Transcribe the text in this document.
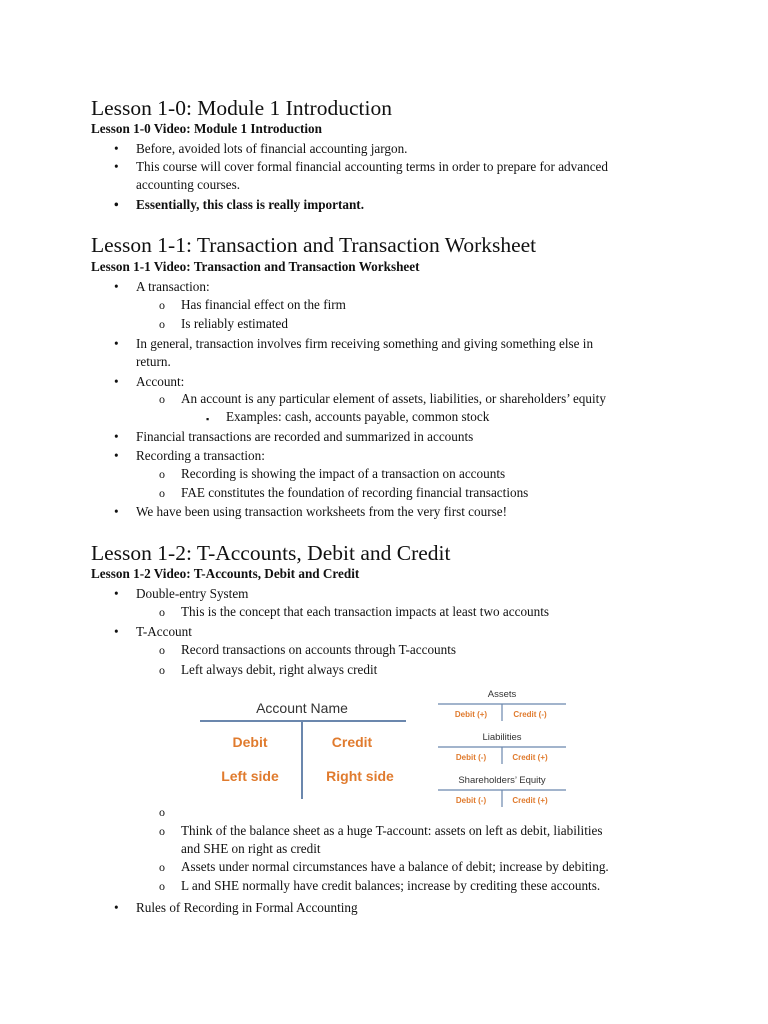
Lesson 1-0: Module 1 Introduction
Lesson 1-0 Video: Module 1 Introduction
• Before, avoided lots of financial accounting jargon.
• This course will cover formal financial accounting terms in order to prepare for advanced
accounting courses.
• Essentially, this class is really important.
Lesson 1-1: Transaction and Transaction Worksheet
Lesson 1-1 Video: Transaction and Transaction Worksheet
• A transaction:
o Has financial effect on the firm
o Is reliably estimated
• In general, transaction involves firm receiving something and giving something else in
return.
• Account:
o An account is any particular element of assets, liabilities, or shareholders’ equity
▪ Examples: cash, accounts payable, common stock
• Financial transactions are recorded and summarized in accounts
• Recording a transaction:
o Recording is showing the impact of a transaction on accounts
o FAE constitutes the foundation of recording financial transactions
• We have been using transaction worksheets from the very first course!
Lesson 1-2: T-Accounts, Debit and Credit
Lesson 1-2 Video: T-Accounts, Debit and Credit
• Double-entry System
o This is the concept that each transaction impacts at least two accounts
• T-Account
o Record transactions on accounts through T-accounts
o Left always debit, right always credit
o
o Think of the balance sheet as a huge T-account: assets on left as debit, liabilities
and SHE on right as credit
o Assets under normal circumstances have a balance of debit; increase by debiting.
o L and SHE normally have credit balances; increase by crediting these accounts.
• Rules of Recording in Formal Accounting
Account Name
Debit	Credit
Left side	Right side
Assets
Debit (+)	Credit (-)
Liabilities
Debit (-)	Credit (+)
Shareholders’ Equity
Debit (-)	Credit (+)
